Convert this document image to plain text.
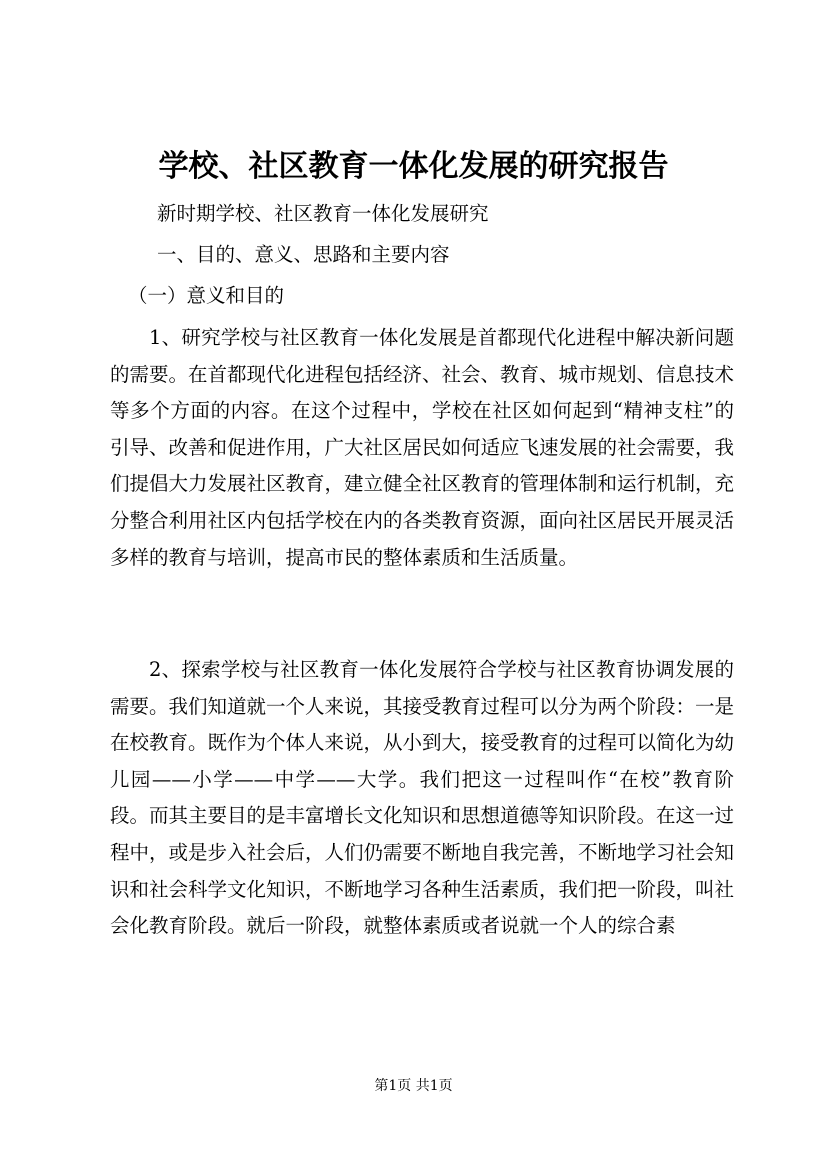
学校、社区教育一体化发展的研究报告
新时期学校、社区教育一体化发展研究
一、目的、意义、思路和主要内容
（一）意义和目的
1、研究学校与社区教育一体化发展是首都现代化进程中解决新问题的需要。在首都现代化进程包括经济、社会、教育、城市规划、信息技术等多个方面的内容。在这个过程中，学校在社区如何起到“精神支柱”的引导、改善和促进作用，广大社区居民如何适应飞速发展的社会需要，我们提倡大力发展社区教育，建立健全社区教育的管理体制和运行机制，充分整合利用社区内包括学校在内的各类教育资源，面向社区居民开展灵活多样的教育与培训，提高市民的整体素质和生活质量。
2、探索学校与社区教育一体化发展符合学校与社区教育协调发展的需要。我们知道就一个人来说，其接受教育过程可以分为两个阶段：一是在校教育。既作为个体人来说，从小到大，接受教育的过程可以简化为幼儿园——小学——中学——大学。我们把这一过程叫作“在校”教育阶段。而其主要目的是丰富增长文化知识和思想道德等知识阶段。在这一过程中，或是步入社会后，人们仍需要不断地自我完善，不断地学习社会知识和社会科学文化知识，不断地学习各种生活素质，我们把一阶段，叫社会化教育阶段。就后一阶段，就整体素质或者说就一个人的综合素
第1页 共1页
